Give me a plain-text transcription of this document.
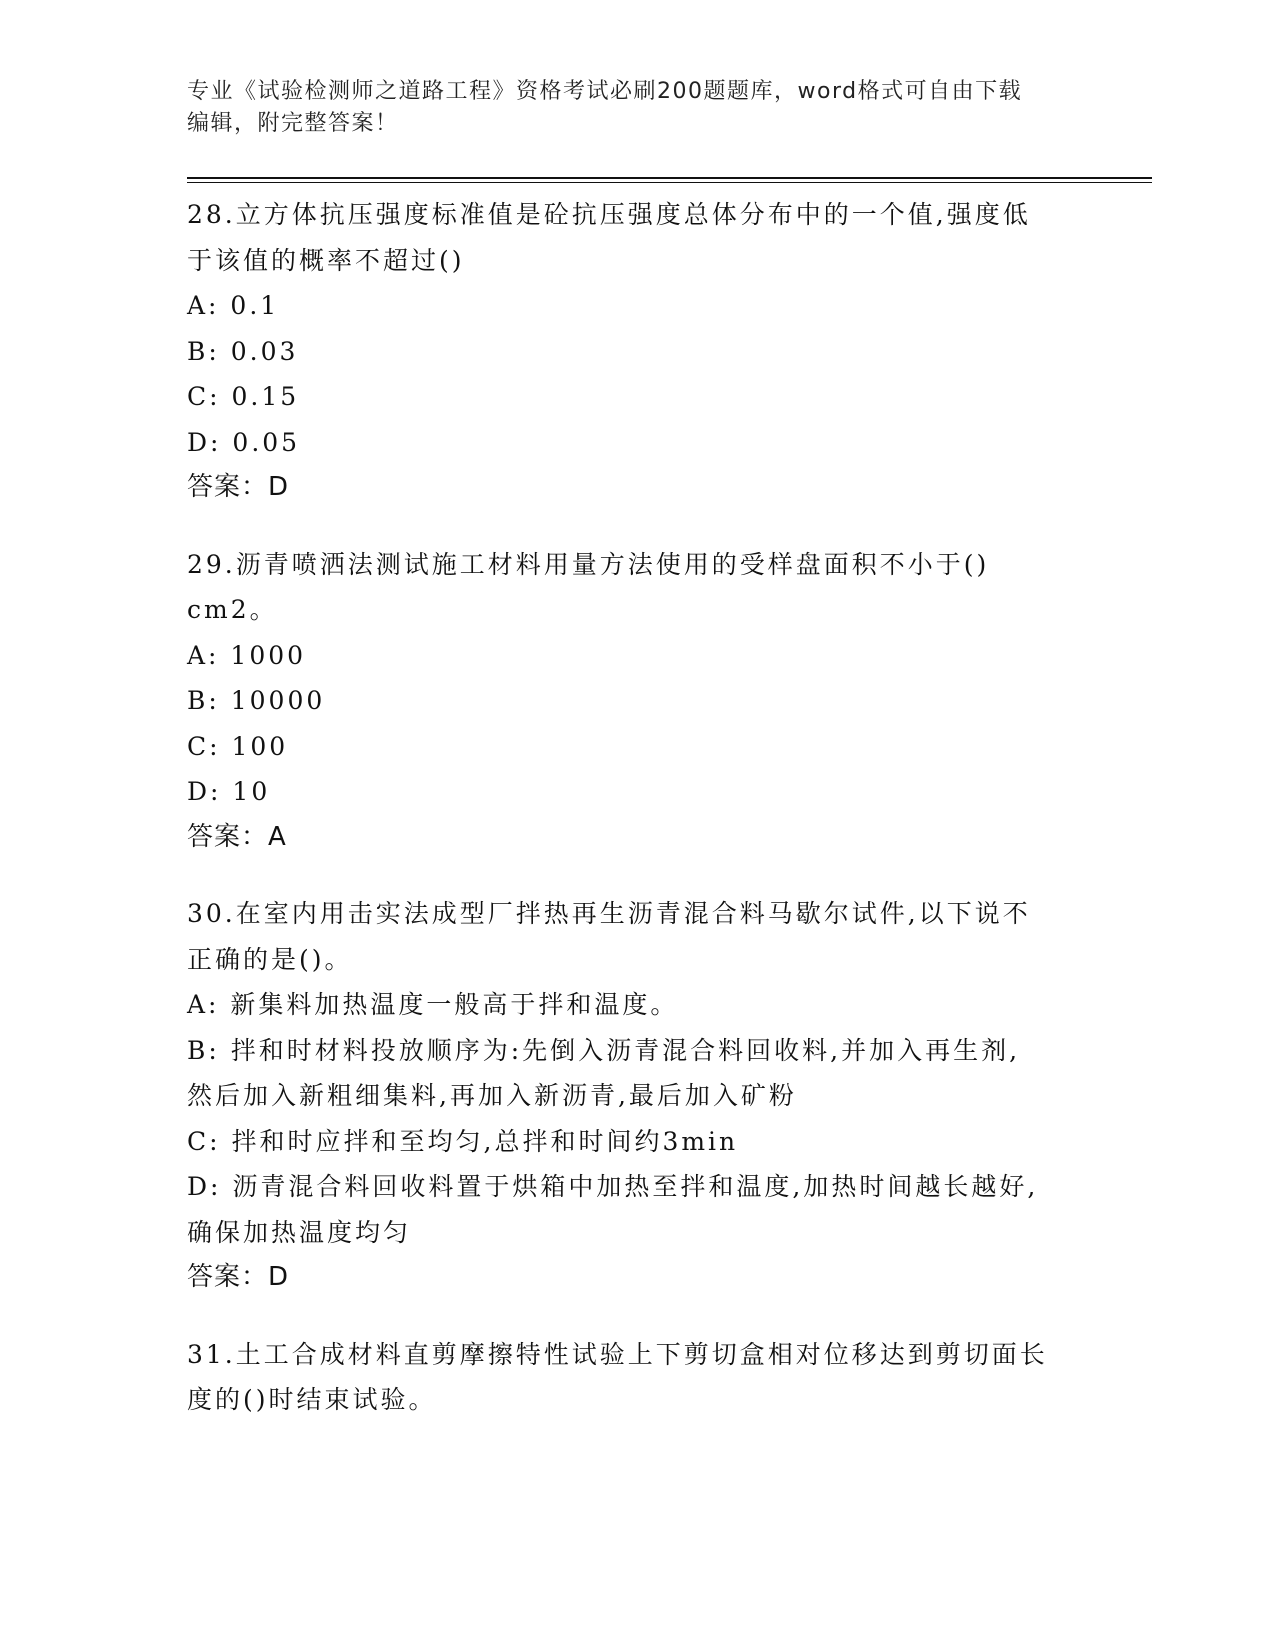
专业《试验检测师之道路工程》资格考试必刷200题题库，word格式可自由下载
编辑，附完整答案！
28.立方体抗压强度标准值是砼抗压强度总体分布中的一个值,强度低
于该值的概率不超过()
A: 0.1
B: 0.03
C: 0.15
D: 0.05
答案：D
29.沥青喷洒法测试施工材料用量方法使用的受样盘面积不小于()
cm2。
A: 1000
B: 10000
C: 100
D: 10
答案：A
30.在室内用击实法成型厂拌热再生沥青混合料马歇尔试件,以下说不
正确的是()。
A: 新集料加热温度一般高于拌和温度。
B: 拌和时材料投放顺序为:先倒入沥青混合料回收料,并加入再生剂,
然后加入新粗细集料,再加入新沥青,最后加入矿粉
C: 拌和时应拌和至均匀,总拌和时间约3min
D: 沥青混合料回收料置于烘箱中加热至拌和温度,加热时间越长越好,
确保加热温度均匀
答案：D
31.土工合成材料直剪摩擦特性试验上下剪切盒相对位移达到剪切面长
度的()时结束试验。
